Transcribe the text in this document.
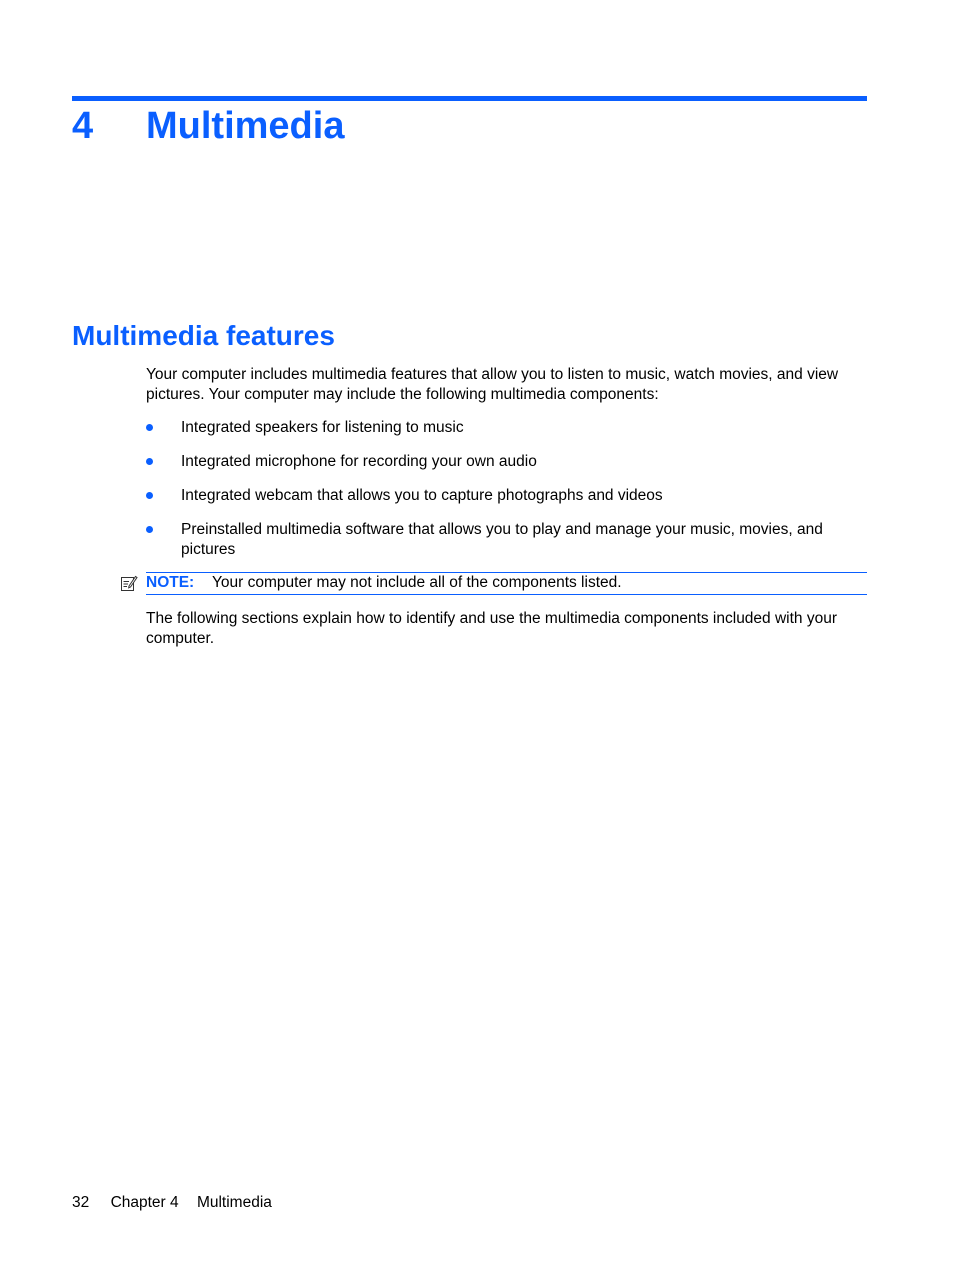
4 Multimedia
Multimedia features

Your computer includes multimedia features that allow you to listen to music, watch movies, and view pictures. Your computer may include the following multimedia components:

Integrated speakers for listening to music
Integrated microphone for recording your own audio
Integrated webcam that allows you to capture photographs and videos
Preinstalled multimedia software that allows you to play and manage your music, movies, and pictures
NOTE: Your computer may not include all of the components listed.

The following sections explain how to identify and use the multimedia components included with your computer.

32 Chapter 4 Multimedia
